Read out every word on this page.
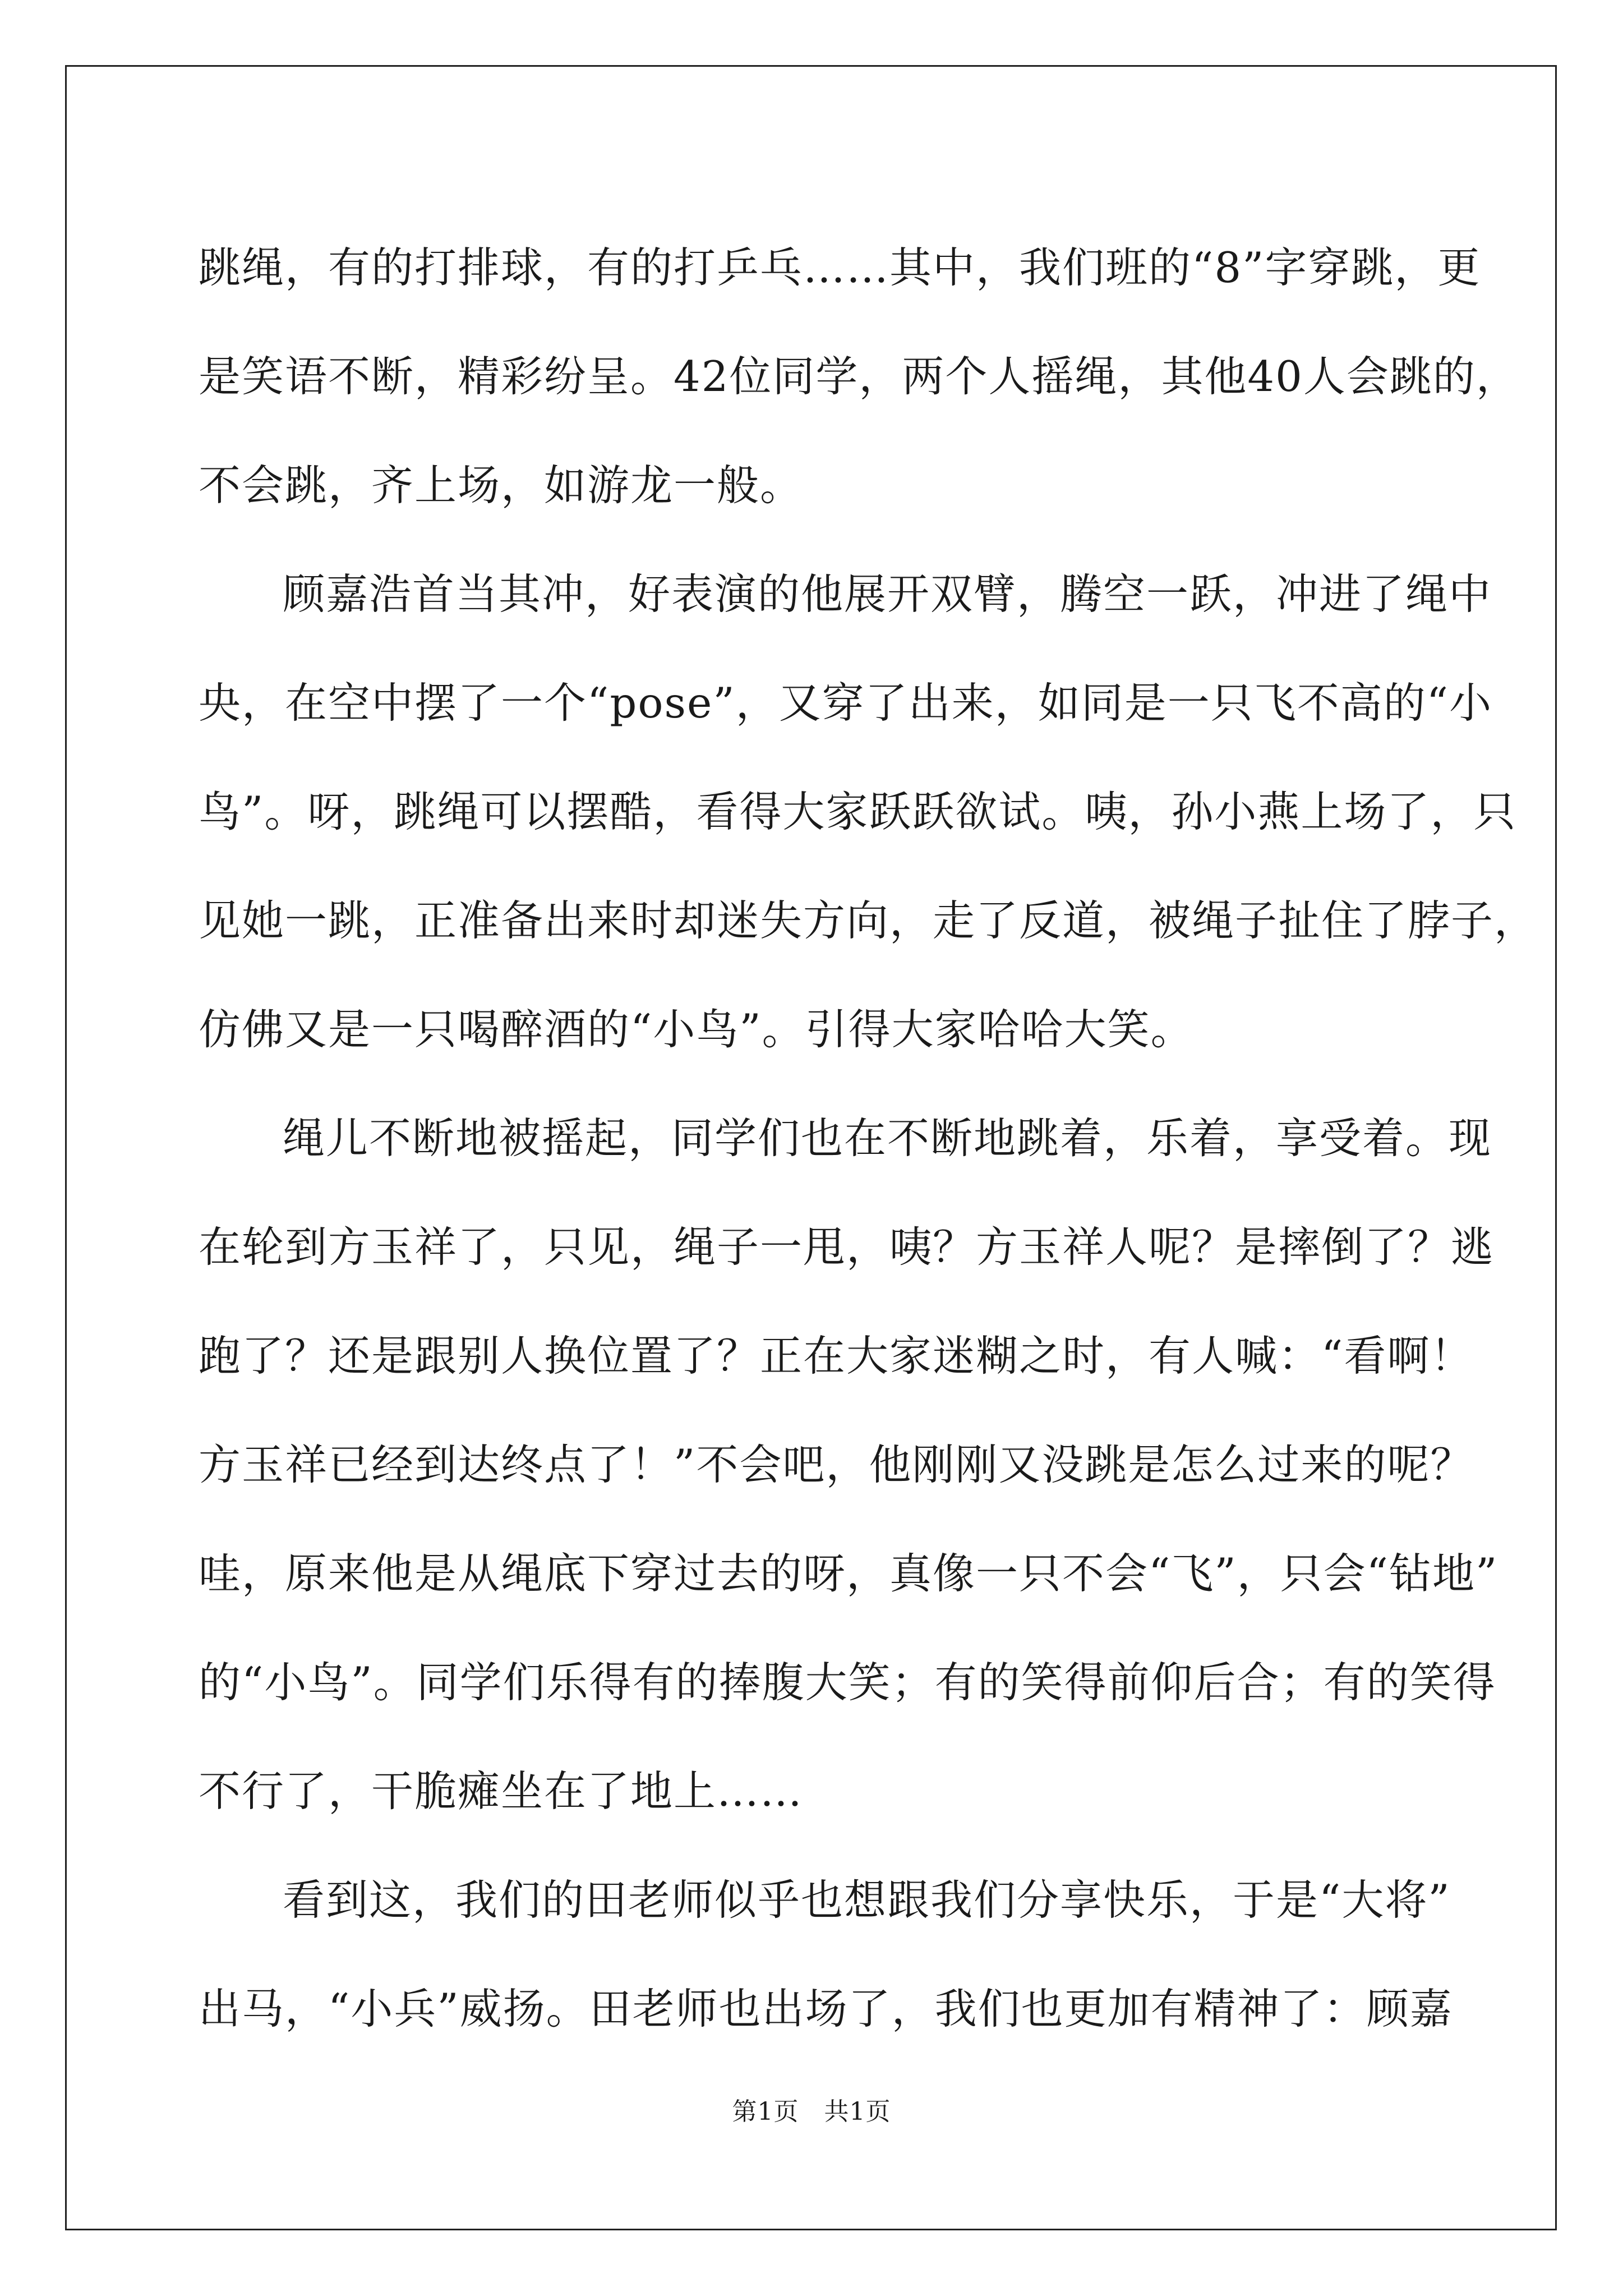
跳绳，有的打排球，有的打乒乓……其中，我们班的“8”字穿跳，更
是笑语不断，精彩纷呈。42位同学，两个人摇绳，其他40人会跳的，
不会跳，齐上场，如游龙一般。
顾嘉浩首当其冲，好表演的他展开双臂，腾空一跃，冲进了绳中
央，在空中摆了一个“pose”，又穿了出来，如同是一只飞不高的“小
鸟”。呀，跳绳可以摆酷，看得大家跃跃欲试。咦，孙小燕上场了，只
见她一跳，正准备出来时却迷失方向，走了反道，被绳子扯住了脖子，
仿佛又是一只喝醉酒的“小鸟”。引得大家哈哈大笑。
绳儿不断地被摇起，同学们也在不断地跳着，乐着，享受着。现
在轮到方玉祥了，只见，绳子一甩，咦？方玉祥人呢？是摔倒了？逃
跑了？还是跟别人换位置了？正在大家迷糊之时，有人喊：“看啊！
方玉祥已经到达终点了！”不会吧，他刚刚又没跳是怎么过来的呢？
哇，原来他是从绳底下穿过去的呀，真像一只不会“飞”，只会“钻地”
的“小鸟”。同学们乐得有的捧腹大笑；有的笑得前仰后合；有的笑得
不行了，干脆瘫坐在了地上……
看到这，我们的田老师似乎也想跟我们分享快乐，于是“大将”
出马，“小兵”威扬。田老师也出场了，我们也更加有精神了：顾嘉
第1页　共1页
